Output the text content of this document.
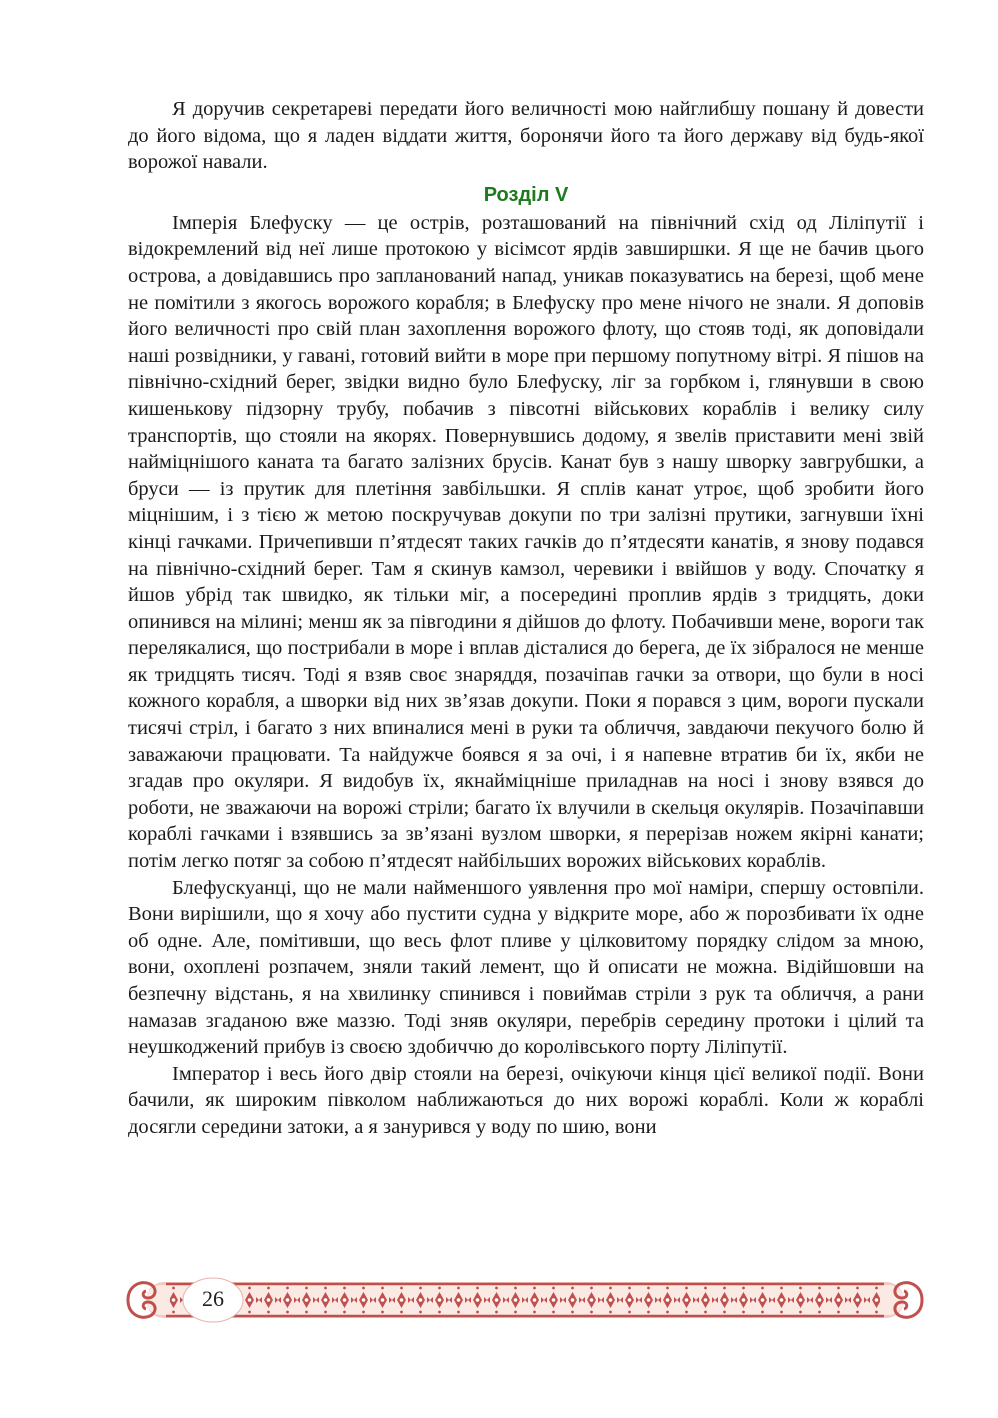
Я доручив секретареві передати його величності мою найглибшу пошану й довести до його відома, що я ладен віддати життя, боронячи його та його державу від будь-якої ворожої навали.

Розділ V

Імперія Блефуску — це острів, розташований на північний схід од Ліліпутії і відокремлений від неї лише протокою у вісімсот ярдів завширшки. Я ще не бачив цього острова, а довідавшись про запланований напад, уникав показуватись на березі, щоб мене не помітили з якогось ворожого корабля; в Блефуску про мене нічого не знали. Я доповів його величності про свій план захоплення ворожого флоту, що стояв тоді, як доповідали наші розвідники, у гавані, готовий вийти в море при першому попутному вітрі. Я пішов на північно-східний берег, звідки видно було Блефуску, ліг за горбком і, глянувши в свою кишенькову підзорну трубу, побачив з півсотні військових кораблів і велику силу транспортів, що стояли на якорях. Повернувшись додому, я звелів приставити мені звій найміцнішого каната та багато залізних брусів. Канат був з нашу шворку завгрубшки, а бруси — із прутик для плетіння завбільшки. Я сплів канат утроє, щоб зробити його міцнішим, і з тією ж метою поскручував докупи по три залізні прутики, загнувши їхні кінці гачками. Причепивши п’ятдесят таких гачків до п’ятдесяти канатів, я знову подався на північно-східний берег. Там я скинув камзол, черевики і ввійшов у воду. Спочатку я йшов убрід так швидко, як тільки міг, а посередині проплив ярдів з тридцять, доки опинився на мілині; менш як за півгодини я дійшов до флоту. Побачивши мене, вороги так перелякалися, що пострибали в море і вплав дісталися до берега, де їх зібралося не менше як тридцять тисяч. Тоді я взяв своє знаряддя, позачіпав гачки за отвори, що були в носі кожного корабля, а шворки від них зв’язав докупи. Поки я порався з цим, вороги пускали тисячі стріл, і багато з них впиналися мені в руки та обличчя, завдаючи пекучого болю й заважаючи працювати. Та найдужче боявся я за очі, і я напевне втратив би їх, якби не згадав про окуляри. Я видобув їх, якнайміцніше приладнав на носі і знову взявся до роботи, не зважаючи на ворожі стріли; багато їх влучили в скельця окулярів. Позачіпавши кораблі гачками і взявшись за зв’язані вузлом шворки, я перерізав ножем якірні канати; потім легко потяг за собою п’ятдесят найбільших ворожих військових кораблів.

Блефускуанці, що не мали найменшого уявлення про мої наміри, спершу остовпіли. Вони вирішили, що я хочу або пустити судна у відкрите море, або ж порозбивати їх одне об одне. Але, помітивши, що весь флот пливе у цілковитому порядку слідом за мною, вони, охоплені розпачем, зняли такий лемент, що й описати не можна. Відійшовши на безпечну відстань, я на хвилинку спинився і повиймав стріли з рук та обличчя, а рани намазав згаданою вже маззю. Тоді зняв окуляри, перебрів середину протоки і цілий та неушкоджений прибув із своєю здобиччю до королівського порту Ліліпутії.

Імператор і весь його двір стояли на березі, очікуючи кінця цієї великої події. Вони бачили, як широким півколом наближаються до них ворожі кораблі. Коли ж кораблі досягли середини затоки, а я занурився у воду по шию, вони

26
